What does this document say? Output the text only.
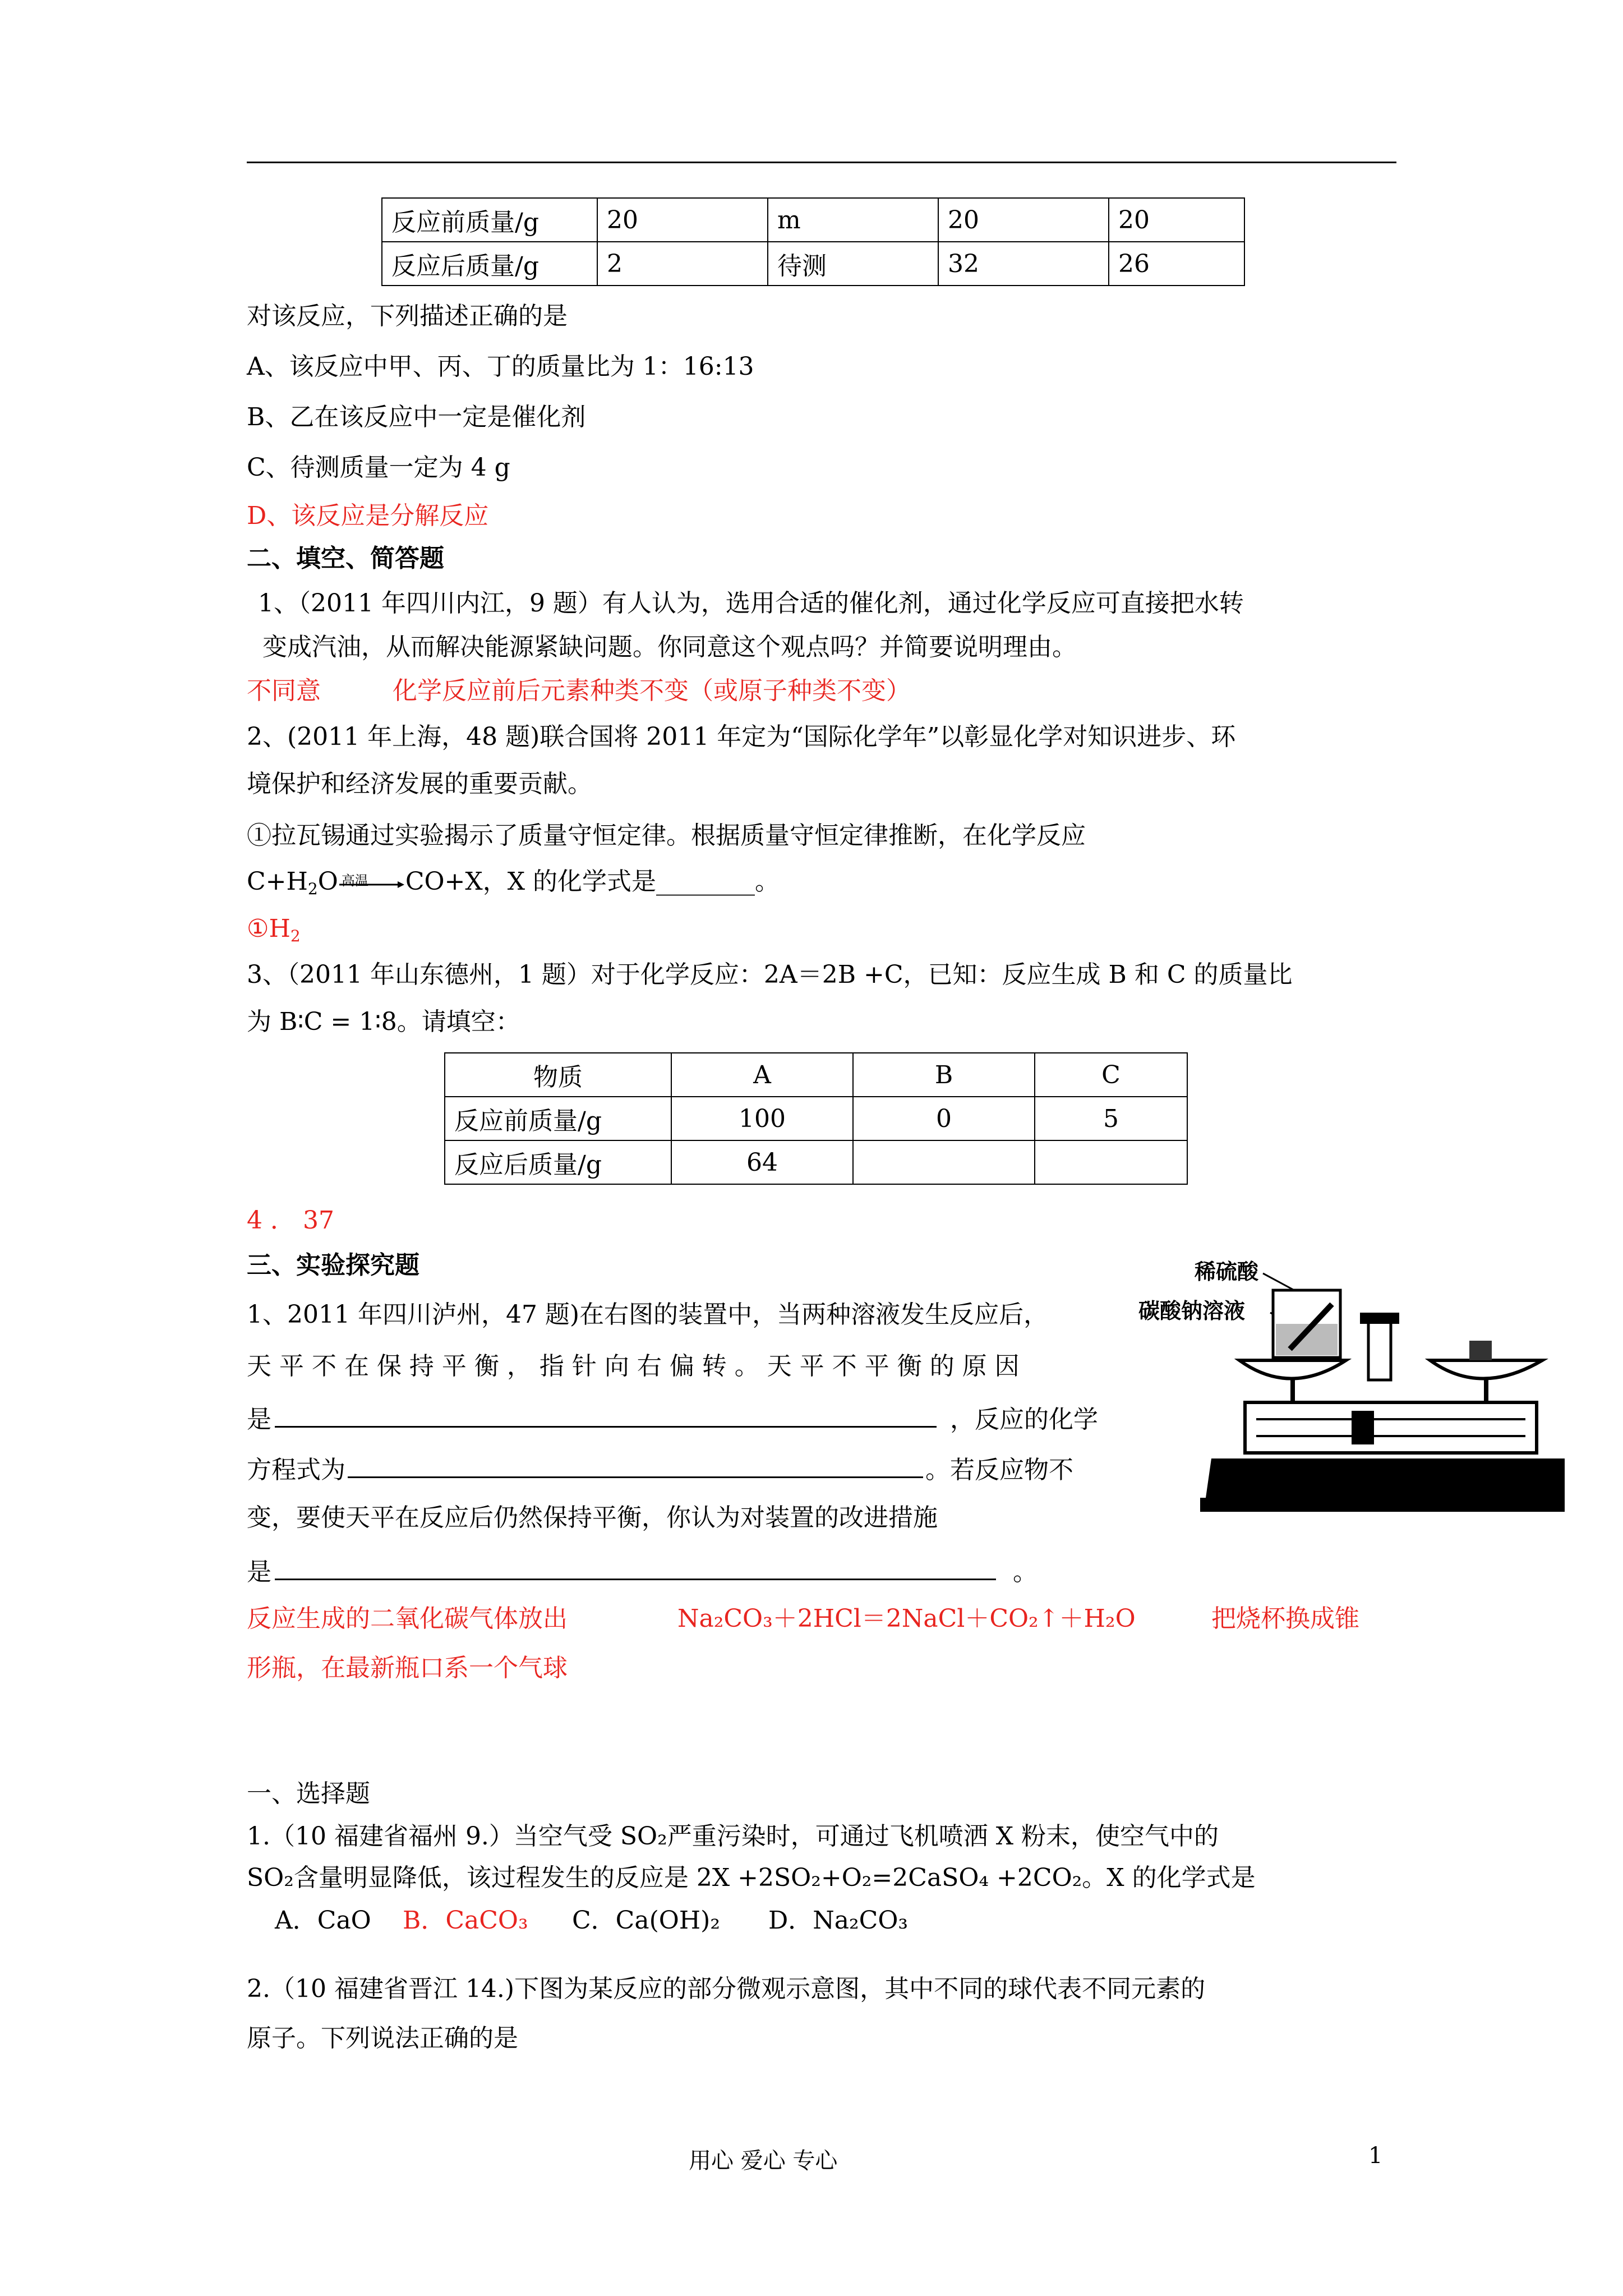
反应前质量/g	20	m	20	20
反应后质量/g	2	待测	32	26
对该反应，下列描述正确的是
A、该反应中甲、丙、丁的质量比为 1：16:13
B、乙在该反应中一定是催化剂
C、待测质量一定为 4 g
D、该反应是分解反应
二、填空、简答题
1、（2011 年四川内江，9 题）有人认为，选用合适的催化剂，通过化学反应可直接把水转
变成汽油，从而解决能源紧缺问题。你同意这个观点吗？并简要说明理由。
不同意	化学反应前后元素种类不变（或原子种类不变）
2、(2011 年上海，48 题)联合国将 2011 年定为“国际化学年”以彰显化学对知识进步、环
境保护和经济发展的重要贡献。
①拉瓦锡通过实验揭示了质量守恒定律。根据质量守恒定律推断，在化学反应
$C+H_2O$ 高温 CO+X，X 的化学式是________。
$①H_2$
3、（2011 年山东德州，1 题）对于化学反应：2A＝2B +C，已知：反应生成 B 和 C 的质量比
为 B∶C = 1∶8。请填空：
物质	A	B	C
反应前质量/g	100	0	5
反应后质量/g	64		
4 ． 37
三、实验探究题
1、2011 年四川泸州，47 题)在右图的装置中，当两种溶液发生反应后，
天 平 不 在 保 持 平 衡 ， 指 针 向 右 偏 转 。 天 平 不 平 衡 的 原 因
是	，反应的化学
方程式为	。若反应物不
变，要使天平在反应后仍然保持平衡，你认为对装置的改进措施
是	。
反应生成的二氧化碳气体放出	Na₂CO₃＋2HCl＝2NaCl＋CO₂↑＋H₂O	把烧杯换成锥
形瓶，在最新瓶口系一个气球
稀硫酸
碳酸钠溶液
一、选择题
1.（10 福建省福州 9.）当空气受 SO₂严重污染时，可通过飞机喷洒 X 粉末，使空气中的
SO₂含量明显降低，该过程发生的反应是 2X +2SO₂+O₂=2CaSO₄ +2CO₂。X 的化学式是
A．CaO B．CaCO₃ C．Ca(OH)₂ D．Na₂CO₃
2.（10 福建省晋江 14.)下图为某反应的部分微观示意图，其中不同的球代表不同元素的
原子。下列说法正确的是
用心 爱心 专心	1
